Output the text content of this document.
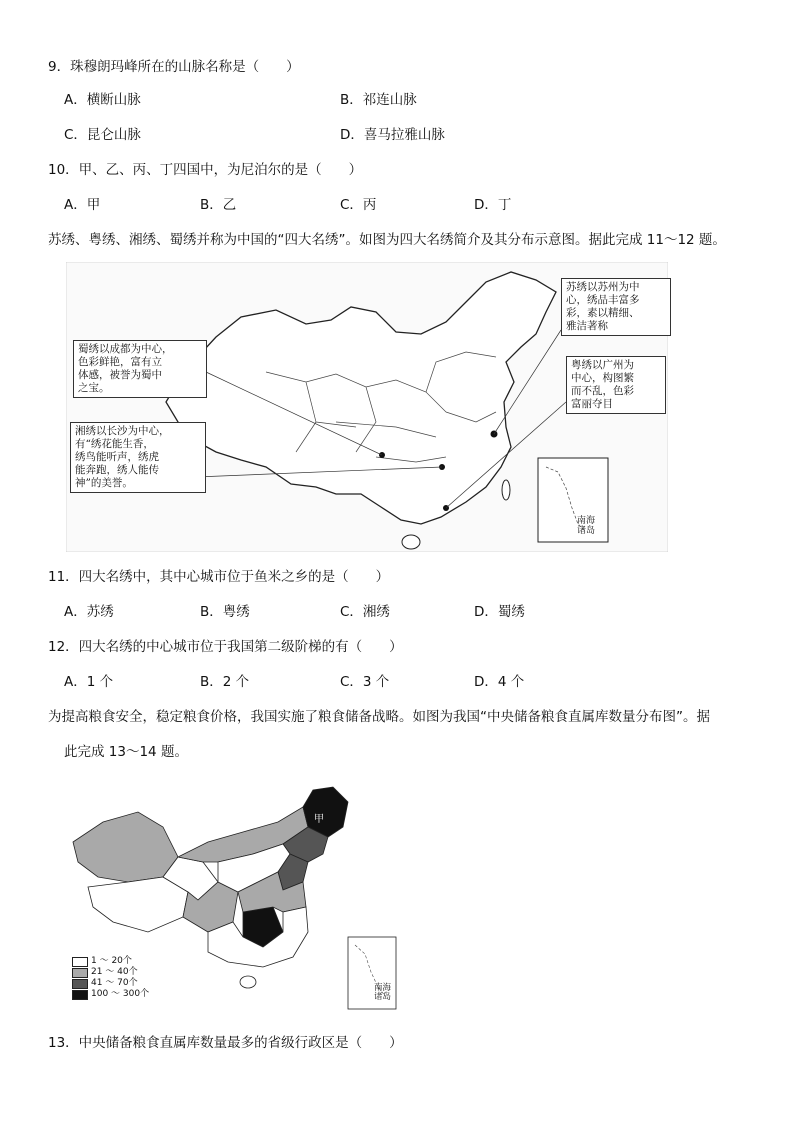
9．珠穆朗玛峰所在的山脉名称是（　　）
A．横断山脉	B．祁连山脉
C．昆仑山脉	D．喜马拉雅山脉
10．甲、乙、丙、丁四国中，为尼泊尔的是（　　）
A．甲	B．乙	C．丙	D．丁
苏绣、粤绣、湘绣、蜀绣并称为中国的“四大名绣”。如图为四大名绣简介及其分布示意图。据此完成 11～12 题。
蜀绣以成都为中心，
色彩鲜艳，富有立
体感，被誉为蜀中
之宝。
湘绣以长沙为中心，
有“绣花能生香，
绣鸟能听声，绣虎
能奔跑，绣人能传
神”的美誉。
苏绣以苏州为中
心，绣品丰富多
彩，素以精细、
雅洁著称
粤绣以广州为
中心，构图繁
而不乱，色彩
富丽夺目
南海
诸岛
11．四大名绣中，其中心城市位于鱼米之乡的是（　　）
A．苏绣	B．粤绣	C．湘绣	D．蜀绣
12．四大名绣的中心城市位于我国第二级阶梯的有（　　）
A．1 个	B．2 个	C．3 个	D．4 个
为提高粮食安全，稳定粮食价格，我国实施了粮食储备战略。如图为我国“中央储备粮食直属库数量分布图”。据
此完成 13～14 题。
甲
1 ～ 20个
21 ～ 40个
41 ～ 70个
100 ～ 300个
南海
诸岛
13．中央储备粮食直属库数量最多的省级行政区是（　　）
